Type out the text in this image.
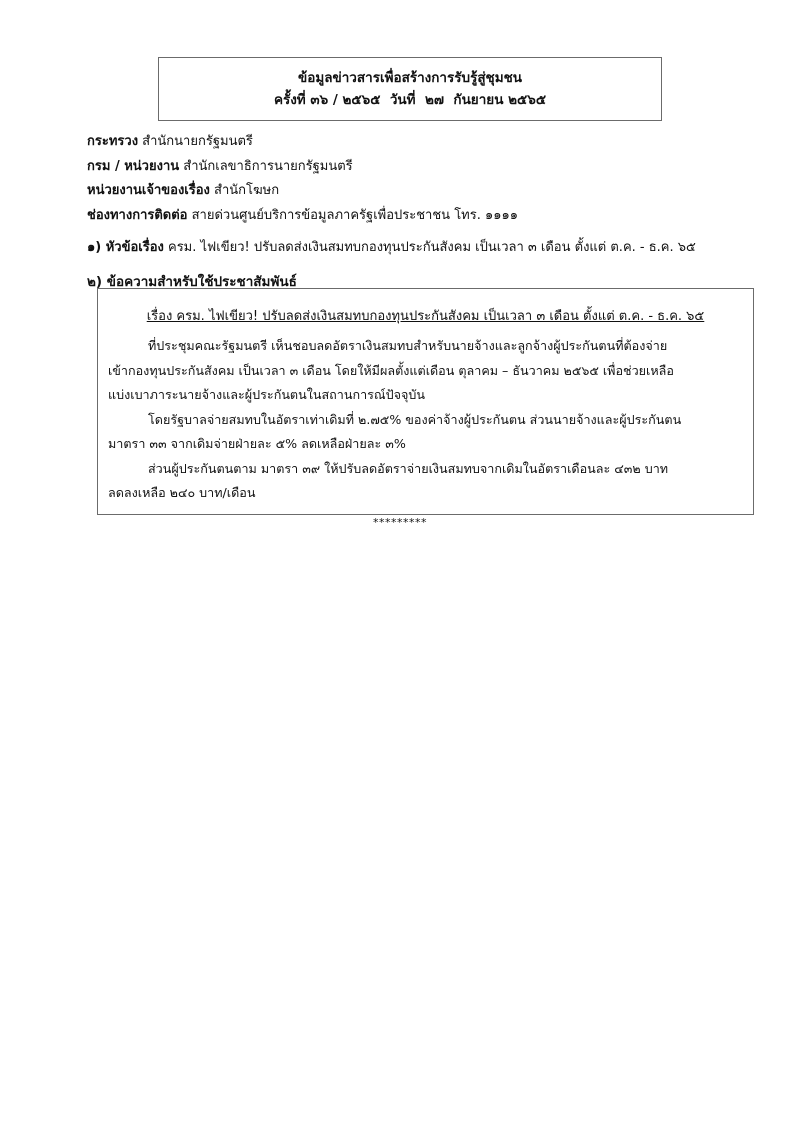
ข้อมูลข่าวสารเพื่อสร้างการรับรู้สู่ชุมชน
ครั้งที่ ๓๖ / ๒๕๖๕  วันที่  ๒๗  กันยายน ๒๕๖๕
กระทรวง สำนักนายกรัฐมนตรี
กรม / หน่วยงาน สำนักเลขาธิการนายกรัฐมนตรี
หน่วยงานเจ้าของเรื่อง สำนักโฆษก
ช่องทางการติดต่อ สายด่วนศูนย์บริการข้อมูลภาครัฐเพื่อประชาชน โทร. ๑๑๑๑
๑) หัวข้อเรื่อง ครม. ไฟเขียว! ปรับลดส่งเงินสมทบกองทุนประกันสังคม เป็นเวลา ๓ เดือน ตั้งแต่ ต.ค. - ธ.ค. ๖๕
๒) ข้อความสำหรับใช้ประชาสัมพันธ์
เรื่อง ครม. ไฟเขียว! ปรับลดส่งเงินสมทบกองทุนประกันสังคม เป็นเวลา ๓ เดือน ตั้งแต่ ต.ค. - ธ.ค. ๖๕

ที่ประชุมคณะรัฐมนตรี เห็นชอบลดอัตราเงินสมทบสำหรับนายจ้างและลูกจ้างผู้ประกันตนที่ต้องจ่าย
เข้ากองทุนประกันสังคม เป็นเวลา ๓ เดือน โดยให้มีผลตั้งแต่เดือน ตุลาคม – ธันวาคม ๒๕๖๕ เพื่อช่วยเหลือ
แบ่งเบาภาระนายจ้างและผู้ประกันตนในสถานการณ์ปัจจุบัน

โดยรัฐบาลจ่ายสมทบในอัตราเท่าเดิมที่ ๒.๗๕% ของค่าจ้างผู้ประกันตน ส่วนนายจ้างและผู้ประกันตน
มาตรา ๓๓ จากเดิมจ่ายฝ่ายละ ๕% ลดเหลือฝ่ายละ ๓%

ส่วนผู้ประกันตนตาม มาตรา ๓๙ ให้ปรับลดอัตราจ่ายเงินสมทบจากเดิมในอัตราเดือนละ ๔๓๒ บาท
ลดลงเหลือ ๒๔๐ บาท/เดือน

*********
